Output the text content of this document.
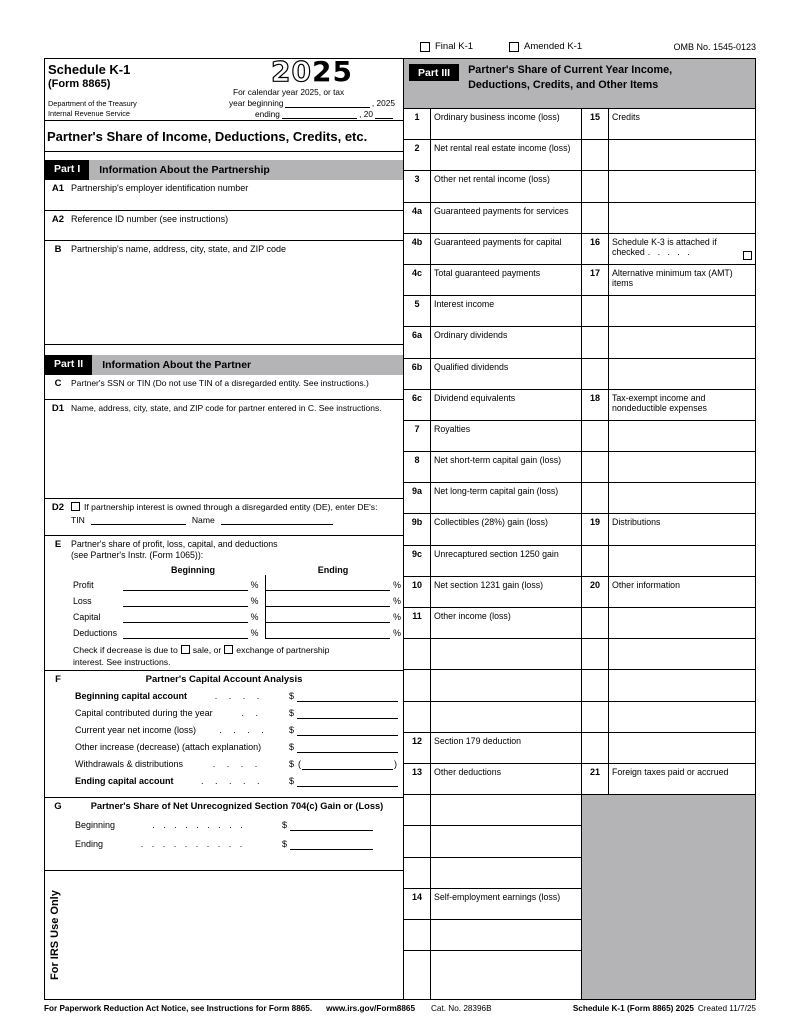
Final K-1	Amended K-1	OMB No. 1545-0123
Schedule K-1
(Form 8865)
Department of the Treasury
Internal Revenue Service
2025
For calendar year 2025, or tax
year beginning	, 2025
ending	, 20
Partner's Share of Income, Deductions, Credits, etc.
Part I	Information About the Partnership
A1 Partnership's employer identification number
A2 Reference ID number (see instructions)
B	Partnership's name, address, city, state, and ZIP code
Part II	Information About the Partner
C	Partner's SSN or TIN (Do not use TIN of a disregarded entity. See instructions.)
D1 Name, address, city, state, and ZIP code for partner entered in C. See instructions.
D2	If partnership interest is owned through a disregarded entity (DE), enter DE's:
TIN	Name
E	Partner's share of profit, loss, capital, and deductions
(see Partner's Instr. (Form 1065)):
Beginning	Ending
Profit	%	%
Loss	%	%
Capital	%	%
Deductions	%	%
Check if decrease is due to sale, or exchange of partnership
interest. See instructions.
F	Partner's Capital Account Analysis
Beginning capital account	. . . .	$
Capital contributed during the year	. .	$
Current year net income (loss)	. . . .	$
Other increase (decrease) (attach explanation)	$
Withdrawals & distributions	. . . .	$ (	)
Ending capital account	. . . . .	$
G	Partner's Share of Net Unrecognized Section 704(c) Gain or (Loss)
Beginning	. . . . . . . . .	$
Ending	. . . . . . . . . .	$
For IRS Use Only
Part III	Partner's Share of Current Year Income,
Deductions, Credits, and Other Items
1	Ordinary business income (loss)
2	Net rental real estate income (loss)
3	Other net rental income (loss)
4a	Guaranteed payments for services
4b	Guaranteed payments for capital
4c	Total guaranteed payments
5	Interest income
6a	Ordinary dividends
6b	Qualified dividends
6c	Dividend equivalents
7	Royalties
8	Net short-term capital gain (loss)
9a	Net long-term capital gain (loss)
9b	Collectibles (28%) gain (loss)
9c	Unrecaptured section 1250 gain
10	Net section 1231 gain (loss)
11	Other income (loss)
12	Section 179 deduction
13	Other deductions
14	Self-employment earnings (loss)
15	Credits
16	Schedule K-3 is attached if checked . . . . .
17	Alternative minimum tax (AMT) items
18	Tax-exempt income and nondeductible expenses
19	Distributions
20	Other information
21	Foreign taxes paid or accrued
For Paperwork Reduction Act Notice, see Instructions for Form 8865. www.irs.gov/Form8865 Cat. No. 28396B	Schedule K-1 (Form 8865) 2025 Created 11/7/25
